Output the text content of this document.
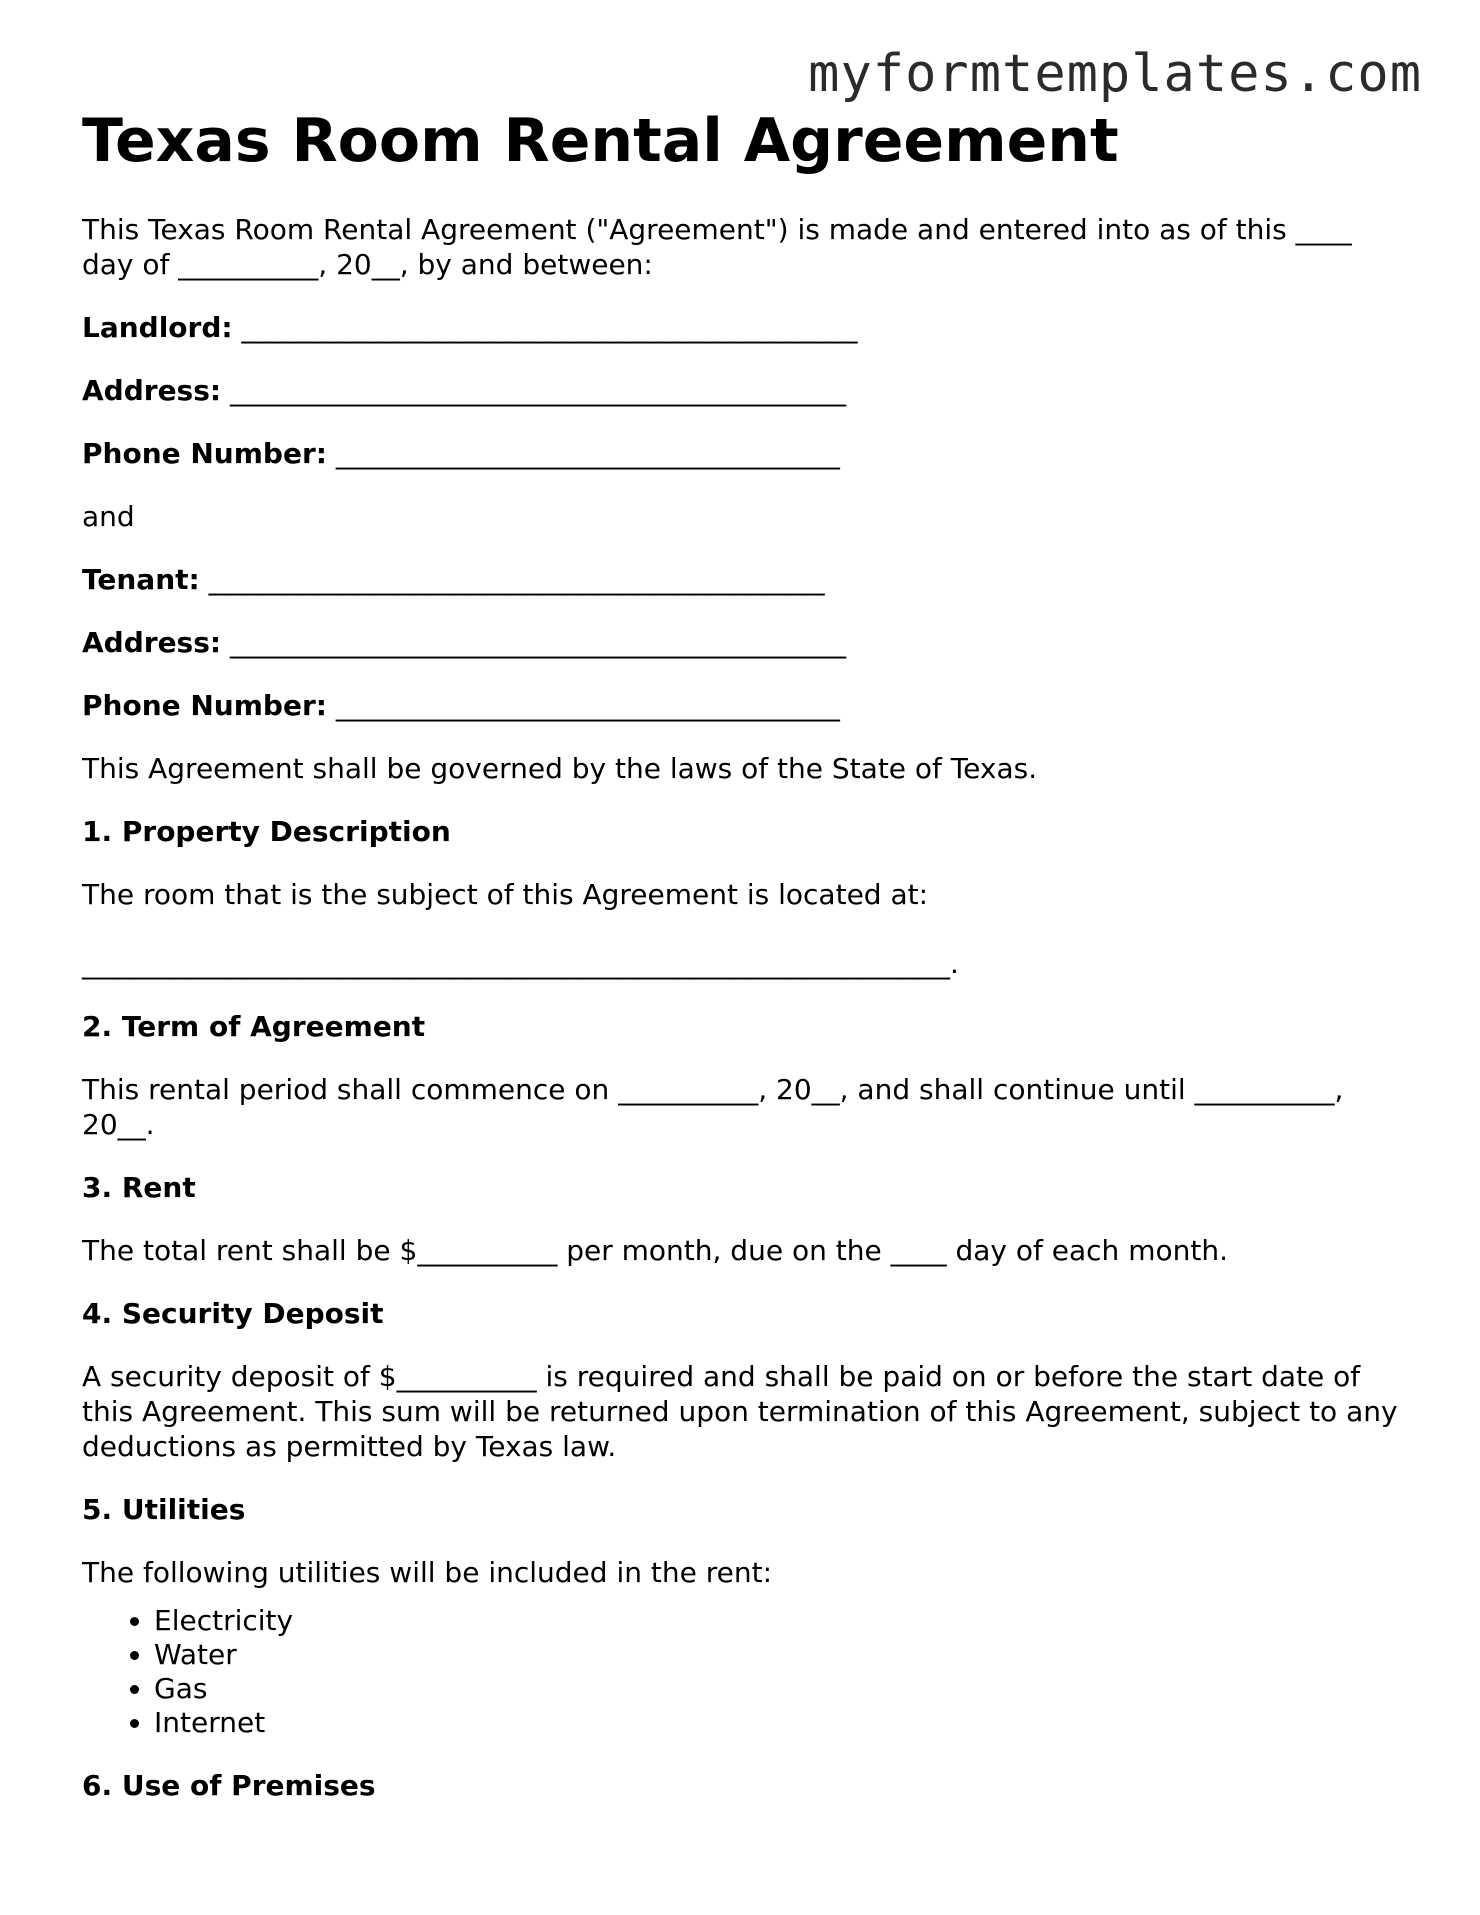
myformtemplates.com
Texas Room Rental Agreement

This Texas Room Rental Agreement ("Agreement") is made and entered into as of this ____ day of __________, 20__, by and between:

Landlord: ____________________________________________
Address: ____________________________________________
Phone Number: ____________________________________

and

Tenant: ____________________________________________
Address: ____________________________________________
Phone Number: ____________________________________

This Agreement shall be governed by the laws of the State of Texas.

1. Property Description

The room that is the subject of this Agreement is located at:

______________________________________________________________.

2. Term of Agreement

This rental period shall commence on __________, 20__, and shall continue until __________, 20__.

3. Rent

The total rent shall be $__________ per month, due on the ____ day of each month.

4. Security Deposit

A security deposit of $__________ is required and shall be paid on or before the start date of this Agreement. This sum will be returned upon termination of this Agreement, subject to any deductions as permitted by Texas law.

5. Utilities

The following utilities will be included in the rent:

• Electricity
• Water
• Gas
• Internet
6. Use of Premises
